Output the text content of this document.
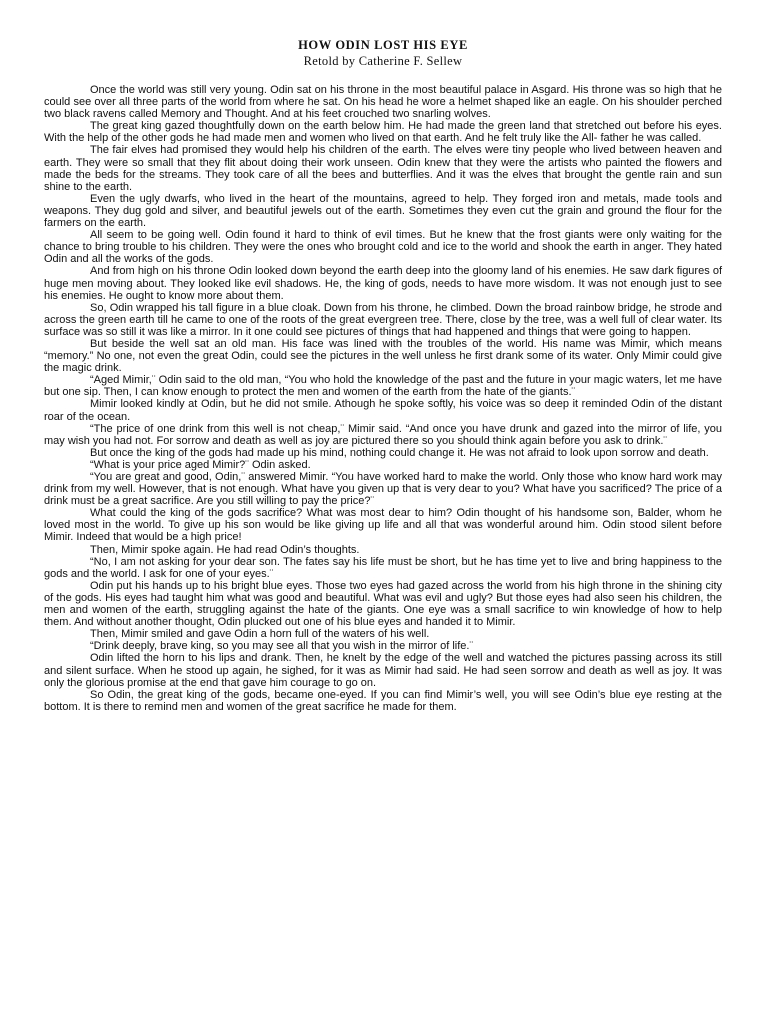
HOW ODIN LOST HIS EYE
Retold by Catherine F. Sellew

Once the world was still very young. Odin sat on his throne in the most beautiful palace in Asgard. His throne was so high that he could see over all three parts of the world from where he sat. On his head he wore a helmet shaped like an eagle. On his shoulder perched two black ravens called Memory and Thought. And at his feet crouched two snarling wolves.

The great king gazed thoughtfully down on the earth below him. He had made the green land that stretched out before his eyes. With the help of the other gods he had made men and women who lived on that earth. And he felt truly like the All- father he was called.

The fair elves had promised they would help his children of the earth. The elves were tiny people who lived between heaven and earth. They were so small that they flit about doing their work unseen. Odin knew that they were the artists who painted the flowers and made the beds for the streams. They took care of all the bees and butterflies. And it was the elves that brought the gentle rain and sun shine to the earth.

Even the ugly dwarfs, who lived in the heart of the mountains, agreed to help. They forged iron and metals, made tools and weapons. They dug gold and silver, and beautiful jewels out of the earth. Sometimes they even cut the grain and ground the flour for the farmers on the earth.

All seem to be going well. Odin found it hard to think of evil times. But he knew that the frost giants were only waiting for the chance to bring trouble to his children. They were the ones who brought cold and ice to the world and shook the earth in anger. They hated Odin and all the works of the gods.

And from high on his throne Odin looked down beyond the earth deep into the gloomy land of his enemies. He saw dark figures of huge men moving about. They looked like evil shadows. He, the king of gods, needs to have more wisdom. It was not enough just to see his enemies. He ought to know more about them.

So, Odin wrapped his tall figure in a blue cloak. Down from his throne, he climbed. Down the broad rainbow bridge, he strode and across the green earth till he came to one of the roots of the great evergreen tree. There, close by the tree, was a well full of clear water. Its surface was so still it was like a mirror. In it one could see pictures of things that had happened and things that were going to happen.

But beside the well sat an old man. His face was lined with the troubles of the world. His name was Mimir, which means “memory.” No one, not even the great Odin, could see the pictures in the well unless he first drank some of its water. Only Mimir could give the magic drink.

“Aged Mimir,¨ Odin said to the old man, “You who hold the knowledge of the past and the future in your magic waters, let me have but one sip. Then, I can know enough to protect the men and women of the earth from the hate of the giants.¨

Mimir looked kindly at Odin, but he did not smile. Athough he spoke softly, his voice was so deep it reminded Odin of the distant roar of the ocean.

“The price of one drink from this well is not cheap,¨ Mimir said. “And once you have drunk and gazed into the mirror of life, you may wish you had not. For sorrow and death as well as joy are pictured there so you should think again before you ask to drink.¨

But once the king of the gods had made up his mind, nothing could change it. He was not afraid to look upon sorrow and death.

“What is your price aged Mimir?¨ Odin asked.

“You are great and good, Odin,¨ answered Mimir. “You have worked hard to make the world. Only those who know hard work may drink from my well. However, that is not enough. What have you given up that is very dear to you? What have you sacrificed? The price of a drink must be a great sacrifice. Are you still willing to pay the price?¨

What could the king of the gods sacrifice? What was most dear to him? Odin thought of his handsome son, Balder, whom he loved most in the world. To give up his son would be like giving up life and all that was wonderful around him. Odin stood silent before Mimir. Indeed that would be a high price!

Then, Mimir spoke again. He had read Odin’s thoughts.

“No, I am not asking for your dear son. The fates say his life must be short, but he has time yet to live and bring happiness to the gods and the world. I ask for one of your eyes.¨

Odin put his hands up to his bright blue eyes. Those two eyes had gazed across the world from his high throne in the shining city of the gods. His eyes had taught him what was good and beautiful. What was evil and ugly? But those eyes had also seen his children, the men and women of the earth, struggling against the hate of the giants. One eye was a small sacrifice to win knowledge of how to help them. And without another thought, Odin plucked out one of his blue eyes and handed it to Mimir.

Then, Mimir smiled and gave Odin a horn full of the waters of his well.

“Drink deeply, brave king, so you may see all that you wish in the mirror of life.¨

Odin lifted the horn to his lips and drank. Then, he knelt by the edge of the well and watched the pictures passing across its still and silent surface. When he stood up again, he sighed, for it was as Mimir had said. He had seen sorrow and death as well as joy. It was only the glorious promise at the end that gave him courage to go on.

So Odin, the great king of the gods, became one-eyed. If you can find Mimir’s well, you will see Odin’s blue eye resting at the bottom. It is there to remind men and women of the great sacrifice he made for them.
